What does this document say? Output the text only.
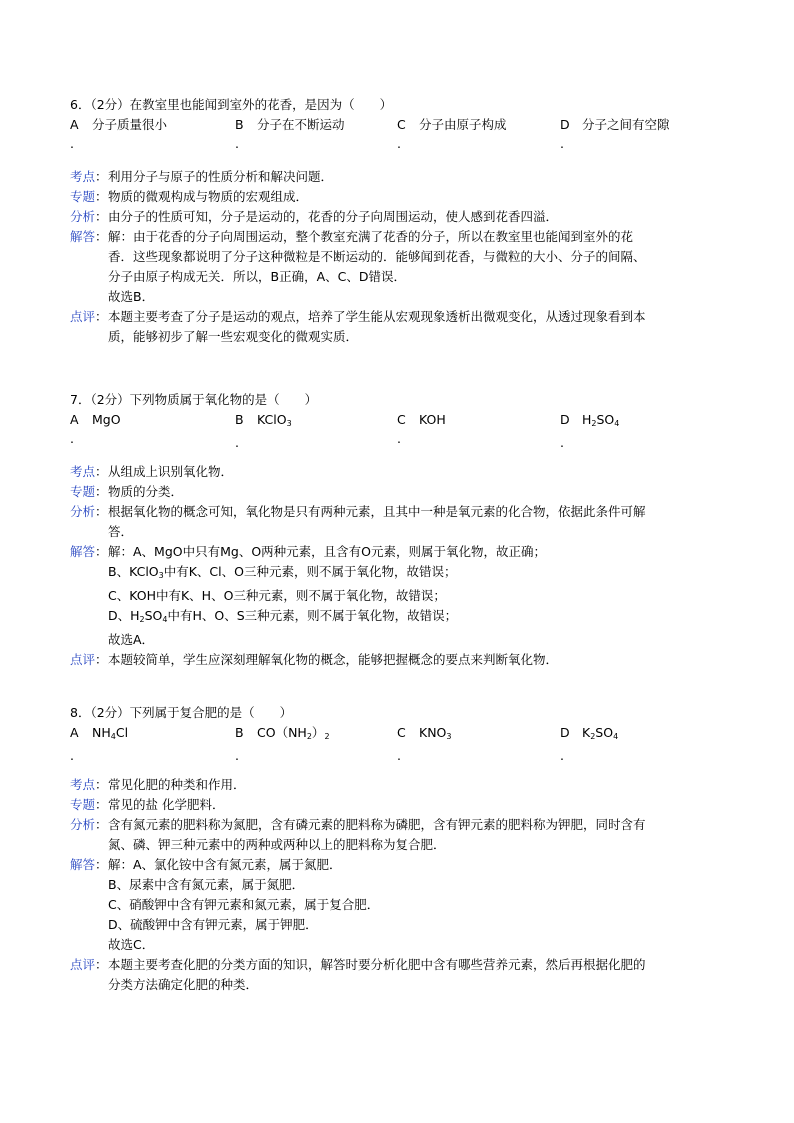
6．（2分）在教室里也能闻到室外的花香，是因为（　　）
A 分子质量很小
.
B 分子在不断运动
.
C 分子由原子构成
.
D 分子之间有空隙
.
考点： 利用分子与原子的性质分析和解决问题．
专题： 物质的微观构成与物质的宏观组成．
分析： 由分子的性质可知，分子是运动的，花香的分子向周围运动，使人感到花香四溢．
解答： 解：由于花香的分子向周围运动，整个教室充满了花香的分子，所以在教室里也能闻到室外的花
香．这些现象都说明了分子这种微粒是不断运动的．能够闻到花香，与微粒的大小、分子的间隔、
分子由原子构成无关．所以，B正确，A、C、D错误．
故选B．
点评： 本题主要考查了分子是运动的观点，培养了学生能从宏观现象透析出微观变化，从透过现象看到本
质，能够初步了解一些宏观变化的微观实质．
7．（2分）下列物质属于氧化物的是（　　）
A MgO
.
B KClO$_3$
.
C KOH
.
D $H_2SO_4$
.
考点： 从组成上识别氧化物．
专题： 物质的分类．
分析： 根据氧化物的概念可知，氧化物是只有两种元素，且其中一种是氧元素的化合物，依据此条件可解
答．
解答： 解：A、MgO中只有Mg、O两种元素，且含有O元素，则属于氧化物，故正确；
B、KClO$_3$中有K、Cl、O三种元素，则不属于氧化物，故错误；
C、KOH中有K、H、O三种元素，则不属于氧化物，故错误；
D、$H_2SO_4$中有H、O、S三种元素，则不属于氧化物，故错误；
故选A．
点评： 本题较简单，学生应深刻理解氧化物的概念，能够把握概念的要点来判断氧化物．
8．（2分）下列属于复合肥的是（　　）
A $NH_4Cl$
.
B $CO(NH_2)_2$
.
C $KNO_3$
.
D $K_2SO_4$
.
考点： 常见化肥的种类和作用．
专题： 常见的盐 化学肥料．
分析： 含有氮元素的肥料称为氮肥，含有磷元素的肥料称为磷肥，含有钾元素的肥料称为钾肥，同时含有
氮、磷、钾三种元素中的两种或两种以上的肥料称为复合肥．
解答： 解：A、氯化铵中含有氮元素，属于氮肥．
B、尿素中含有氮元素，属于氮肥．
C、硝酸钾中含有钾元素和氮元素，属于复合肥．
D、硫酸钾中含有钾元素，属于钾肥．
故选C．
点评： 本题主要考查化肥的分类方面的知识，解答时要分析化肥中含有哪些营养元素，然后再根据化肥的
分类方法确定化肥的种类．
